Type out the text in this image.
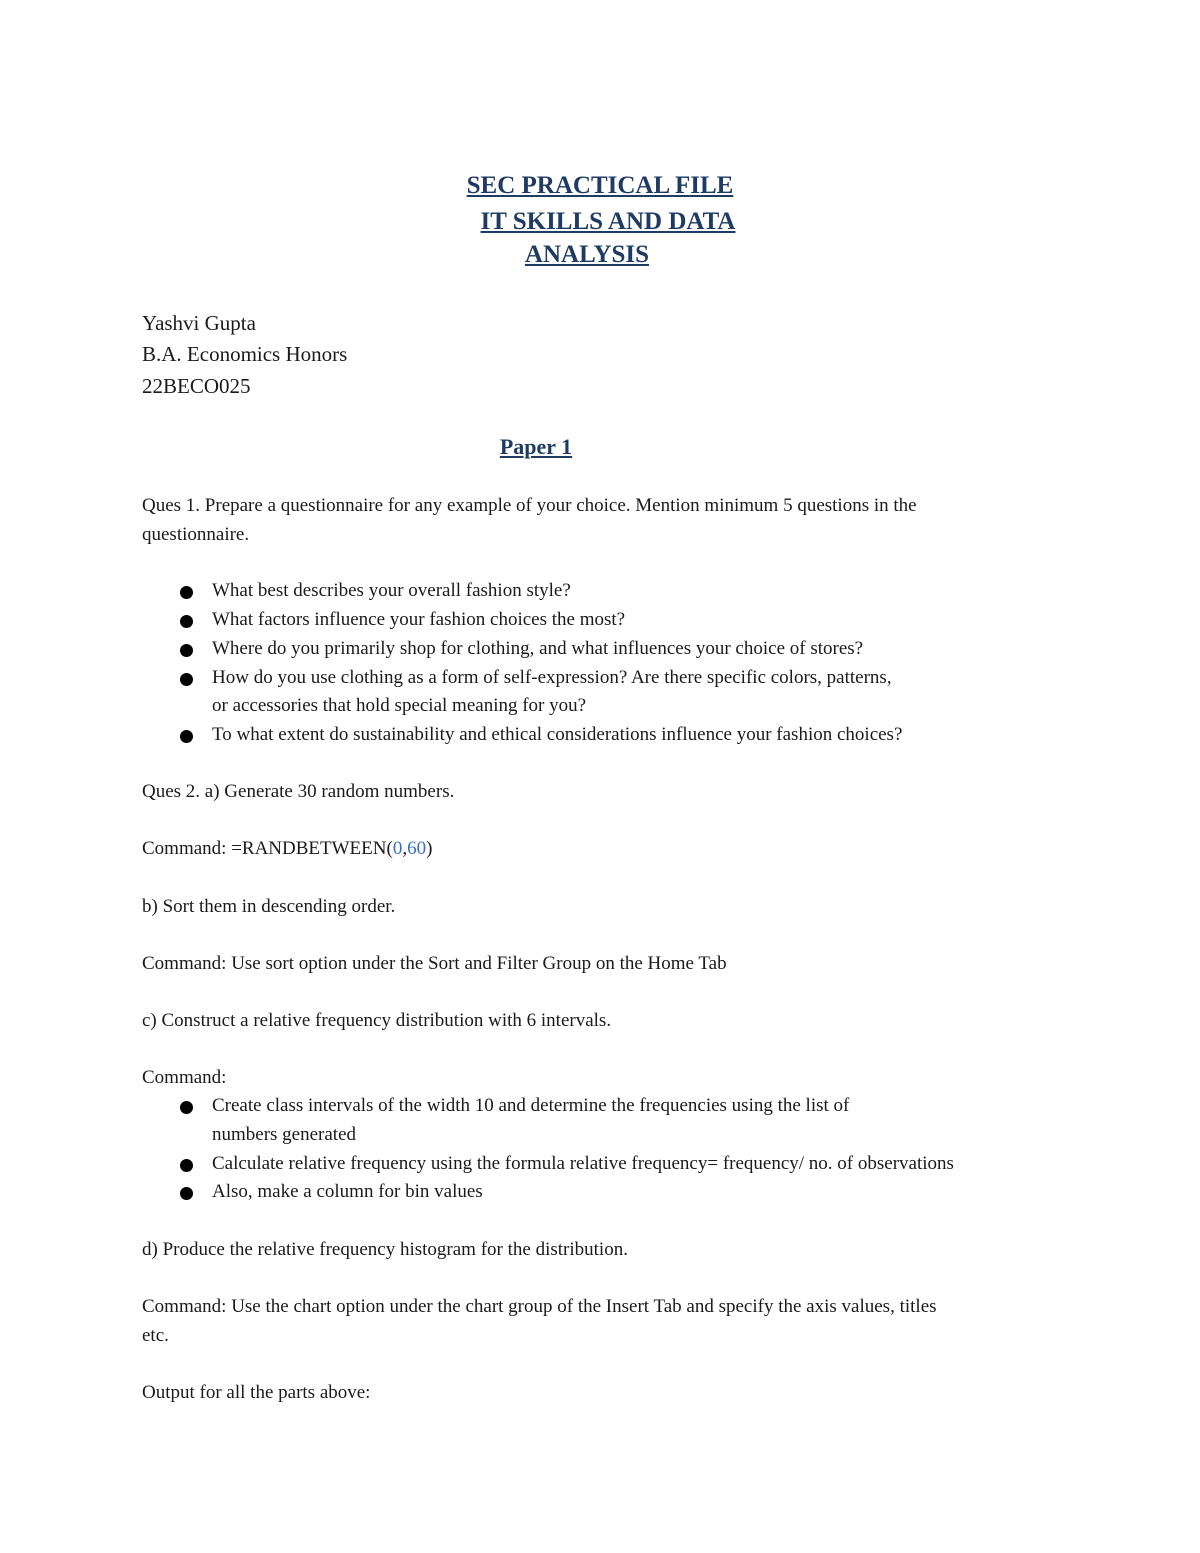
SEC PRACTICAL FILE
IT SKILLS AND DATA
ANALYSIS
Yashvi Gupta
B.A. Economics Honors
22BECO025
Paper 1
Ques 1. Prepare a questionnaire for any example of your choice. Mention minimum 5 questions in the
questionnaire.
What best describes your overall fashion style?
What factors influence your fashion choices the most?
Where do you primarily shop for clothing, and what influences your choice of stores?
How do you use clothing as a form of self-expression? Are there specific colors, patterns,
or accessories that hold special meaning for you?
To what extent do sustainability and ethical considerations influence your fashion choices?
Ques 2. a) Generate 30 random numbers.
Command: =RANDBETWEEN(0,60)
b) Sort them in descending order.
Command: Use sort option under the Sort and Filter Group on the Home Tab
c) Construct a relative frequency distribution with 6 intervals.
Command:
Create class intervals of the width 10 and determine the frequencies using the list of
numbers generated
Calculate relative frequency using the formula relative frequency= frequency/ no. of observations
Also, make a column for bin values
d) Produce the relative frequency histogram for the distribution.
Command: Use the chart option under the chart group of the Insert Tab and specify the axis values, titles
etc.
Output for all the parts above:
